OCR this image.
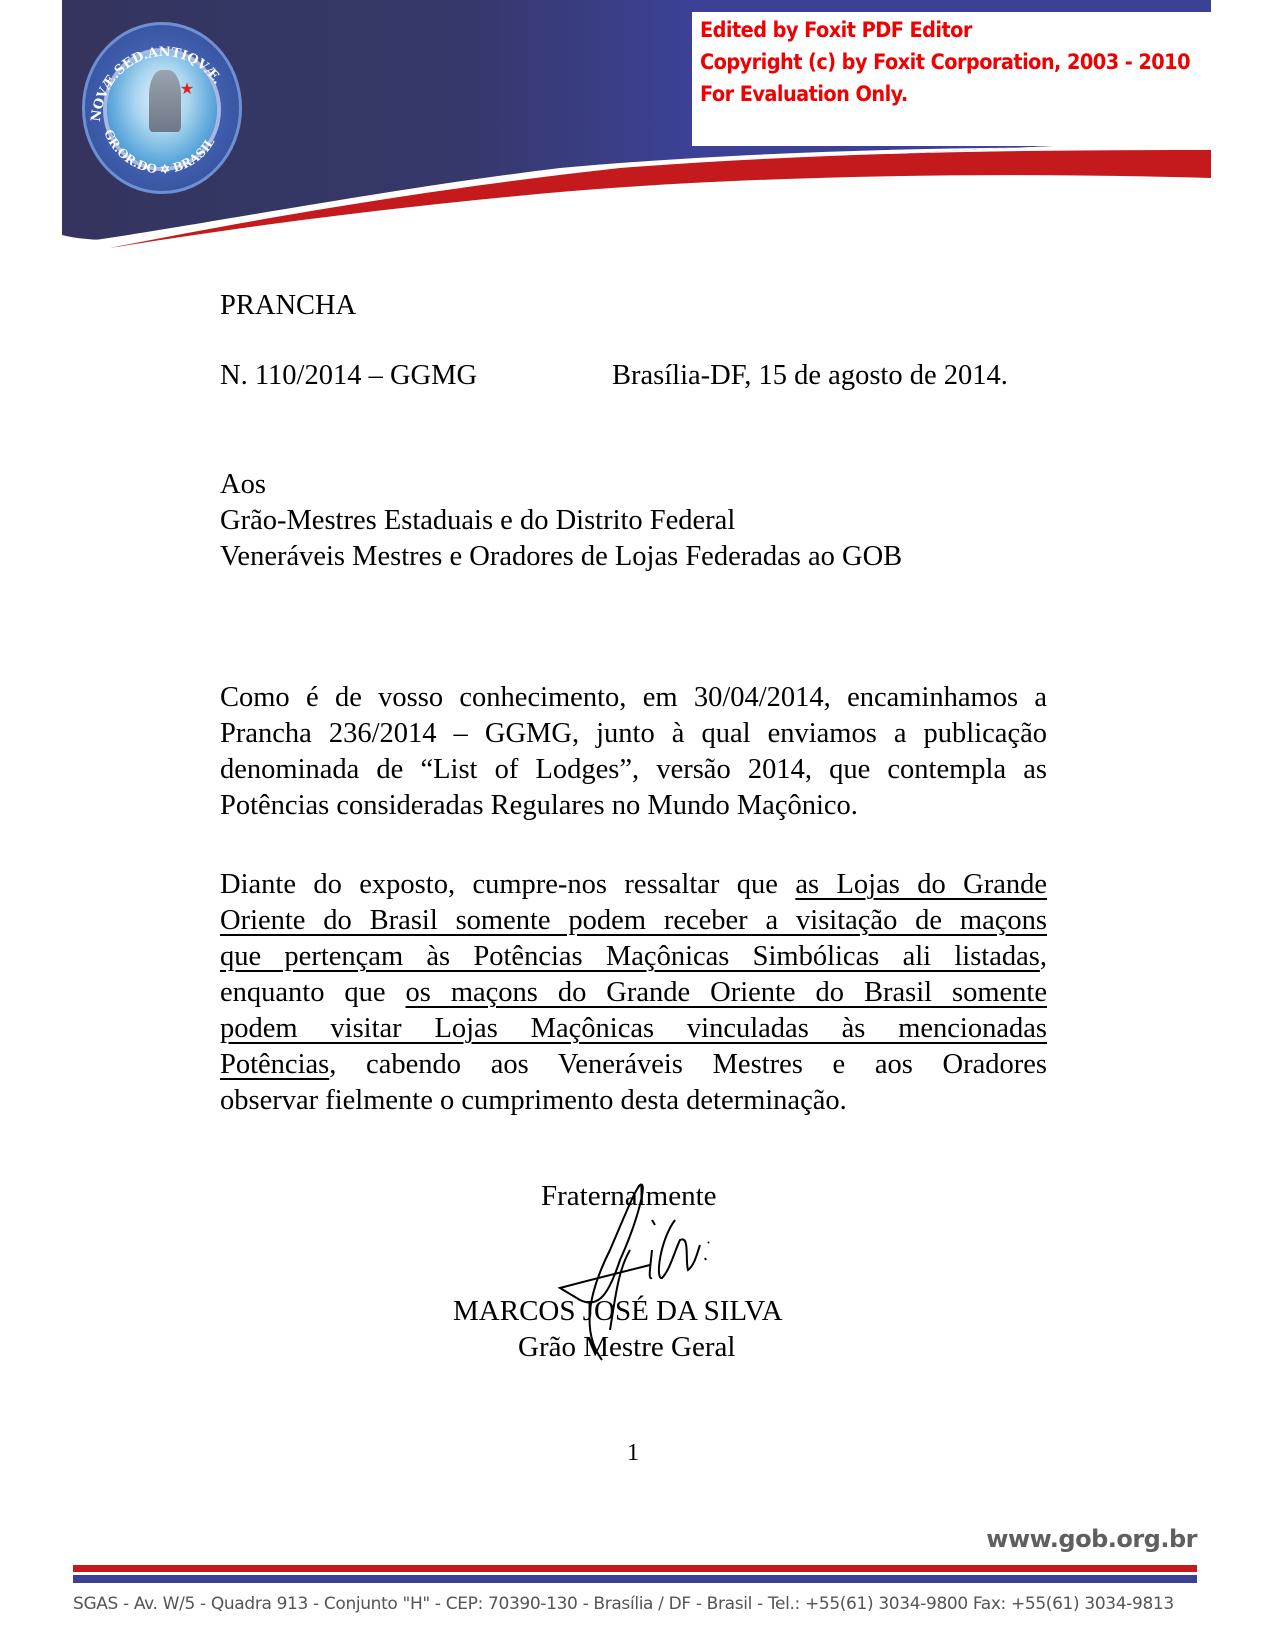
★
NOVÆ.SED.ANTIQVÆ.
GR.OR.DO ✡ BRASIL
Edited by Foxit PDF Editor
Copyright (c) by Foxit Corporation, 2003 - 2010
For Evaluation Only.
PRANCHA
N. 110/2014 – GGMG	Brasília-DF, 15 de agosto de 2014.
Aos
Grão-Mestres Estaduais e do Distrito Federal
Veneráveis Mestres e Oradores de Lojas Federadas ao GOB
Como é de vosso conhecimento, em 30/04/2014, encaminhamos a
Prancha 236/2014 – GGMG, junto à qual enviamos a publicação
denominada de “List of Lodges”, versão 2014, que contempla as
Potências consideradas Regulares no Mundo Maçônico.
Diante do exposto, cumpre-nos ressaltar que as Lojas do Grande
Oriente do Brasil somente podem receber a visitação de maçons
que pertençam às Potências Maçônicas Simbólicas ali listadas,
enquanto que os maçons do Grande Oriente do Brasil somente
podem visitar Lojas Maçônicas vinculadas às mencionadas
Potências, cabendo aos Veneráveis Mestres e aos Oradores
observar fielmente o cumprimento desta determinação.
Fraternalmente
MARCOS JOSÉ DA SILVA
Grão Mestre Geral
1
www.gob.org.br
SGAS - Av. W/5 - Quadra 913 - Conjunto "H" - CEP: 70390-130 - Brasília / DF - Brasil - Tel.: +55(61) 3034-9800 Fax: +55(61) 3034-9813
